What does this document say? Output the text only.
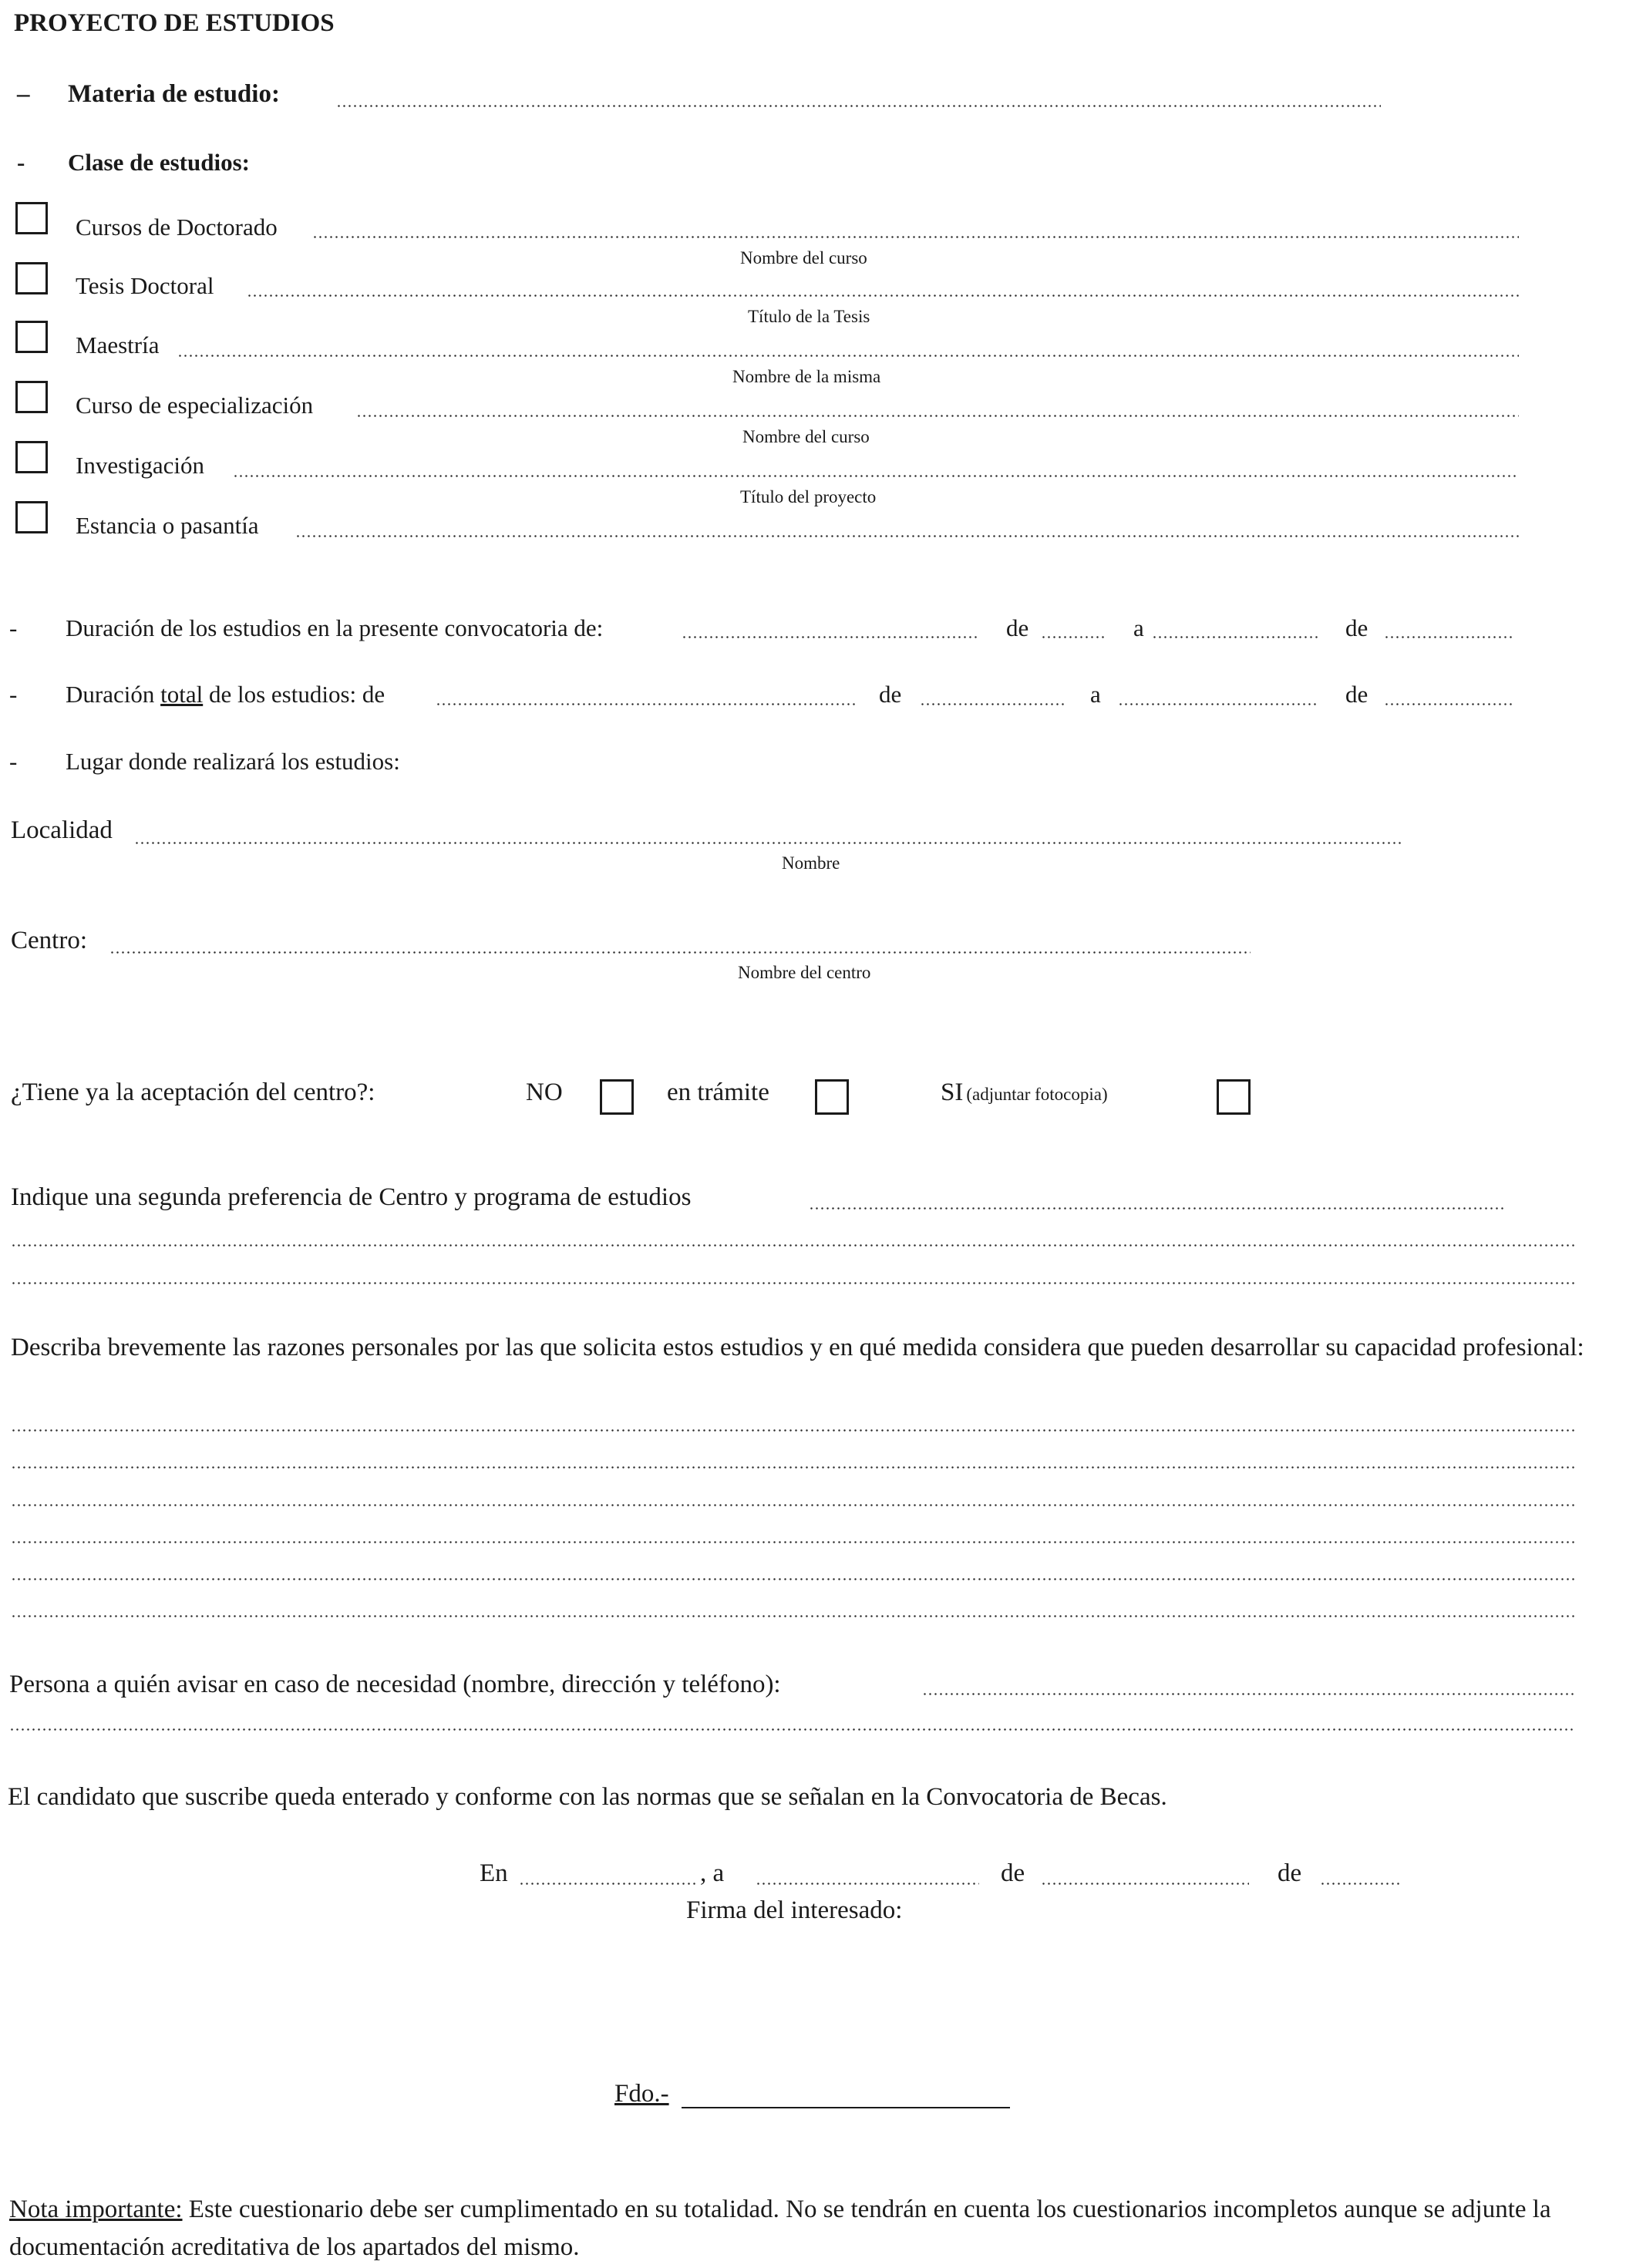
PROYECTO DE ESTUDIOS
– Materia de estudio:
- Clase de estudios:
Cursos de Doctorado
Nombre del curso
Tesis Doctoral
Título de la Tesis
Maestría
Nombre de la misma
Curso de especialización
Nombre del curso
Investigación
Título del proyecto
Estancia o pasantía
- Duración de los estudios en la presente convocatoria de:	de	a	de
- Duración total de los estudios: de	de	a	de
- Lugar donde realizará los estudios:
Localidad
Nombre
Centro:
Nombre del centro
¿Tiene ya la aceptación del centro?:	NO	en trámite	SI (adjuntar fotocopia)
Indique una segunda preferencia de Centro y programa de estudios
Describa brevemente las razones personales por las que solicita estos estudios y en qué medida considera que pueden desarrollar su capacidad profesional:
Persona a quién avisar en caso de necesidad (nombre, dirección y teléfono):
El candidato que suscribe queda enterado y conforme con las normas que se señalan en la Convocatoria de Becas.
En	, a	de	de
Firma del interesado:
Fdo.-
Nota importante: Este cuestionario debe ser cumplimentado en su totalidad. No se tendrán en cuenta los cuestionarios incompletos aunque se adjunte la documentación acreditativa de los apartados del mismo.
